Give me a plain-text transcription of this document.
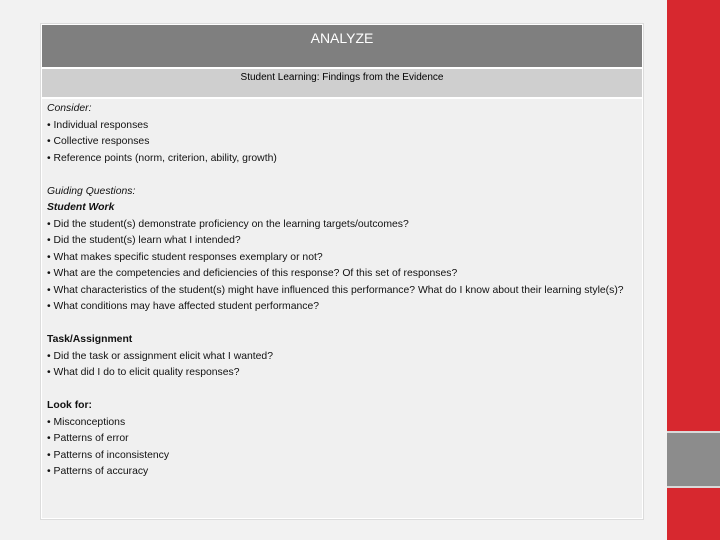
ANALYZE
Student Learning: Findings from the Evidence
Consider:
• Individual responses
• Collective responses
• Reference points (norm, criterion, ability, growth)
Guiding Questions:
Student Work
• Did the student(s) demonstrate proficiency on the learning targets/outcomes?
• Did the student(s) learn what I intended?
• What makes specific student responses exemplary or not?
• What are the competencies and deficiencies of this response? Of this set of responses?
• What characteristics of the student(s) might have influenced this performance? What do I know about their learning style(s)?
• What conditions may have affected student performance?
Task/Assignment
• Did the task or assignment elicit what I wanted?
• What did I do to elicit quality responses?
Look for:
• Misconceptions
• Patterns of error
• Patterns of inconsistency
• Patterns of accuracy
